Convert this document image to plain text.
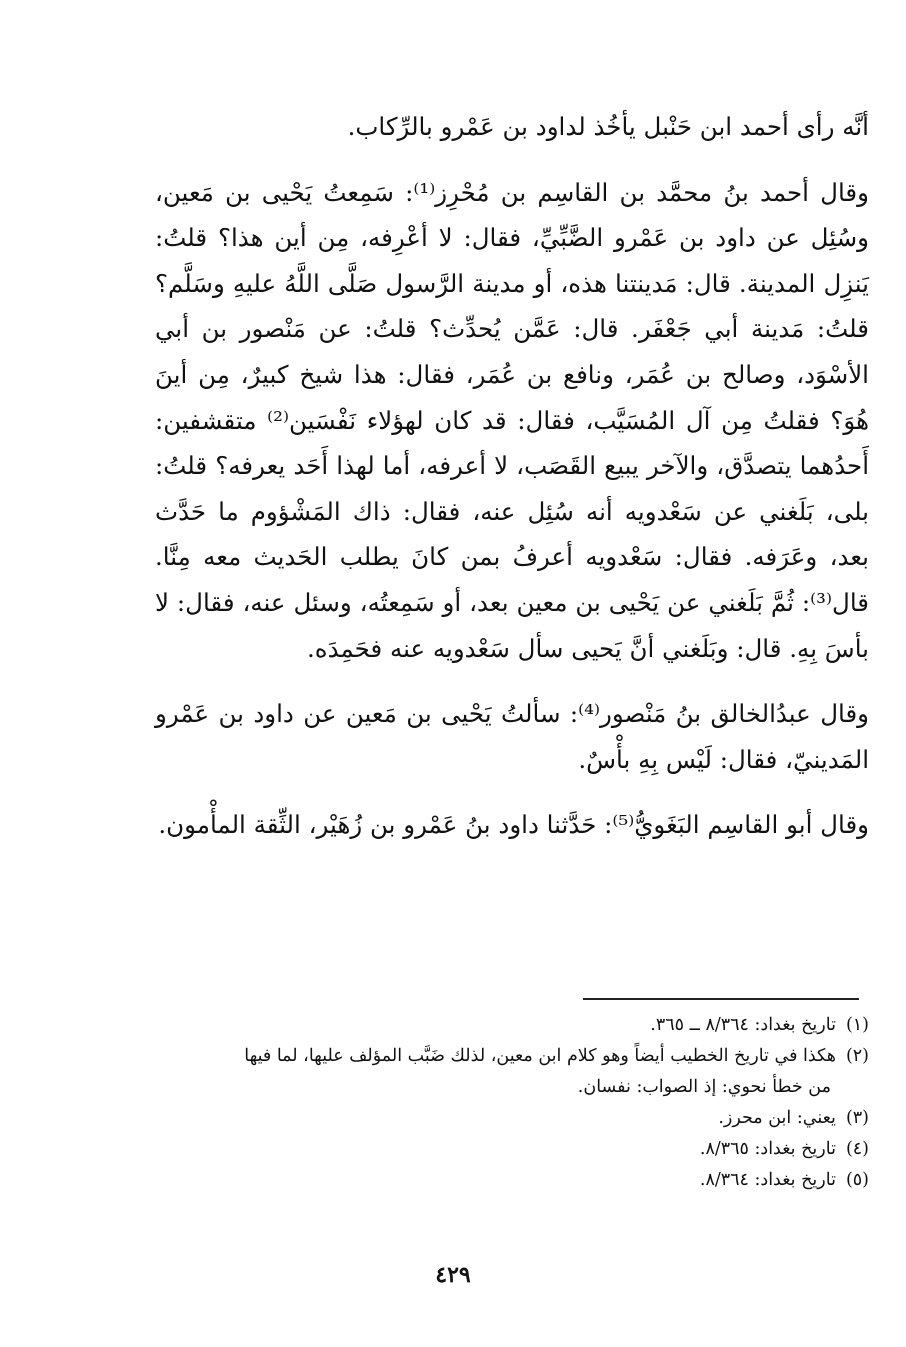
أنَّه رأى أحمد ابن حَنْبل يأخُذ لداود بن عَمْرو بالرِّكاب.

وقال أحمد بنُ محمَّد بن القاسِم بن مُحْرِز⁽¹⁾: سَمِعتُ يَحْيى بن مَعين، وسُئِل عن داود بن عَمْرو الضَّبِّيِّ، فقال: لا أعْرِفه، مِن أين هذا؟ قلتُ: يَنزِل المدينة. قال: مَدينتنا هذه، أو مدينة الرَّسول صَلَّى اللَّهُ عليهِ وسَلَّم؟ قلتُ: مَدينة أبي جَعْفَر. قال: عَمَّن يُحدِّث؟ قلتُ: عن مَنْصور بن أبي الأسْوَد، وصالح بن عُمَر، ونافع بن عُمَر، فقال: هذا شيخ كبيرٌ، مِن أينَ هُوَ؟ فقلتُ مِن آل المُسَيَّب، فقال: قد كان لهؤلاء نَفْسَين⁽²⁾ متقشفين: أَحدُهما يتصدَّق، والآخر يبيع القَصَب، لا أعرفه، أما لهذا أَحَد يعرفه؟ قلتُ: بلى، بَلَغني عن سَعْدويه أنه سُئِل عنه، فقال: ذاك المَشْؤوم ما حَدَّث بعد، وعَرَفه. فقال: سَعْدويه أعرفُ بمن كانَ يطلب الحَديث معه مِنَّا. قال⁽³⁾: ثُمَّ بَلَغني عن يَحْيى بن معين بعد، أو سَمِعتُه، وسئل عنه، فقال: لا بأسَ بِهِ. قال: وبَلَغني أنَّ يَحيى سأل سَعْدويه عنه فحَمِدَه.

وقال عبدُالخالق بنُ مَنْصور⁽⁴⁾: سألتُ يَحْيى بن مَعين عن داود بن عَمْرو المَدينيّ، فقال: لَيْس بِهِ بأْسٌ.

وقال أبو القاسِم البَغَويُّ⁽⁵⁾: حَدَّثنا داود بنُ عَمْرو بن زُهَيْر، الثِّقة المأْمون.

(١)تاريخ بغداد: ٨/٣٦٤ ــ ٣٦٥.

(٢)هكذا في تاريخ الخطيب أيضاً وهو كلام ابن معين، لذلك ضَبَّب المؤلف عليها، لما فيها
من خطأ نحوي: إذ الصواب: نفسان.

(٣)يعني: ابن محرز.

(٤)تاريخ بغداد: ٨/٣٦٥.

(٥)تاريخ بغداد: ٨/٣٦٤.

٤٢٩
